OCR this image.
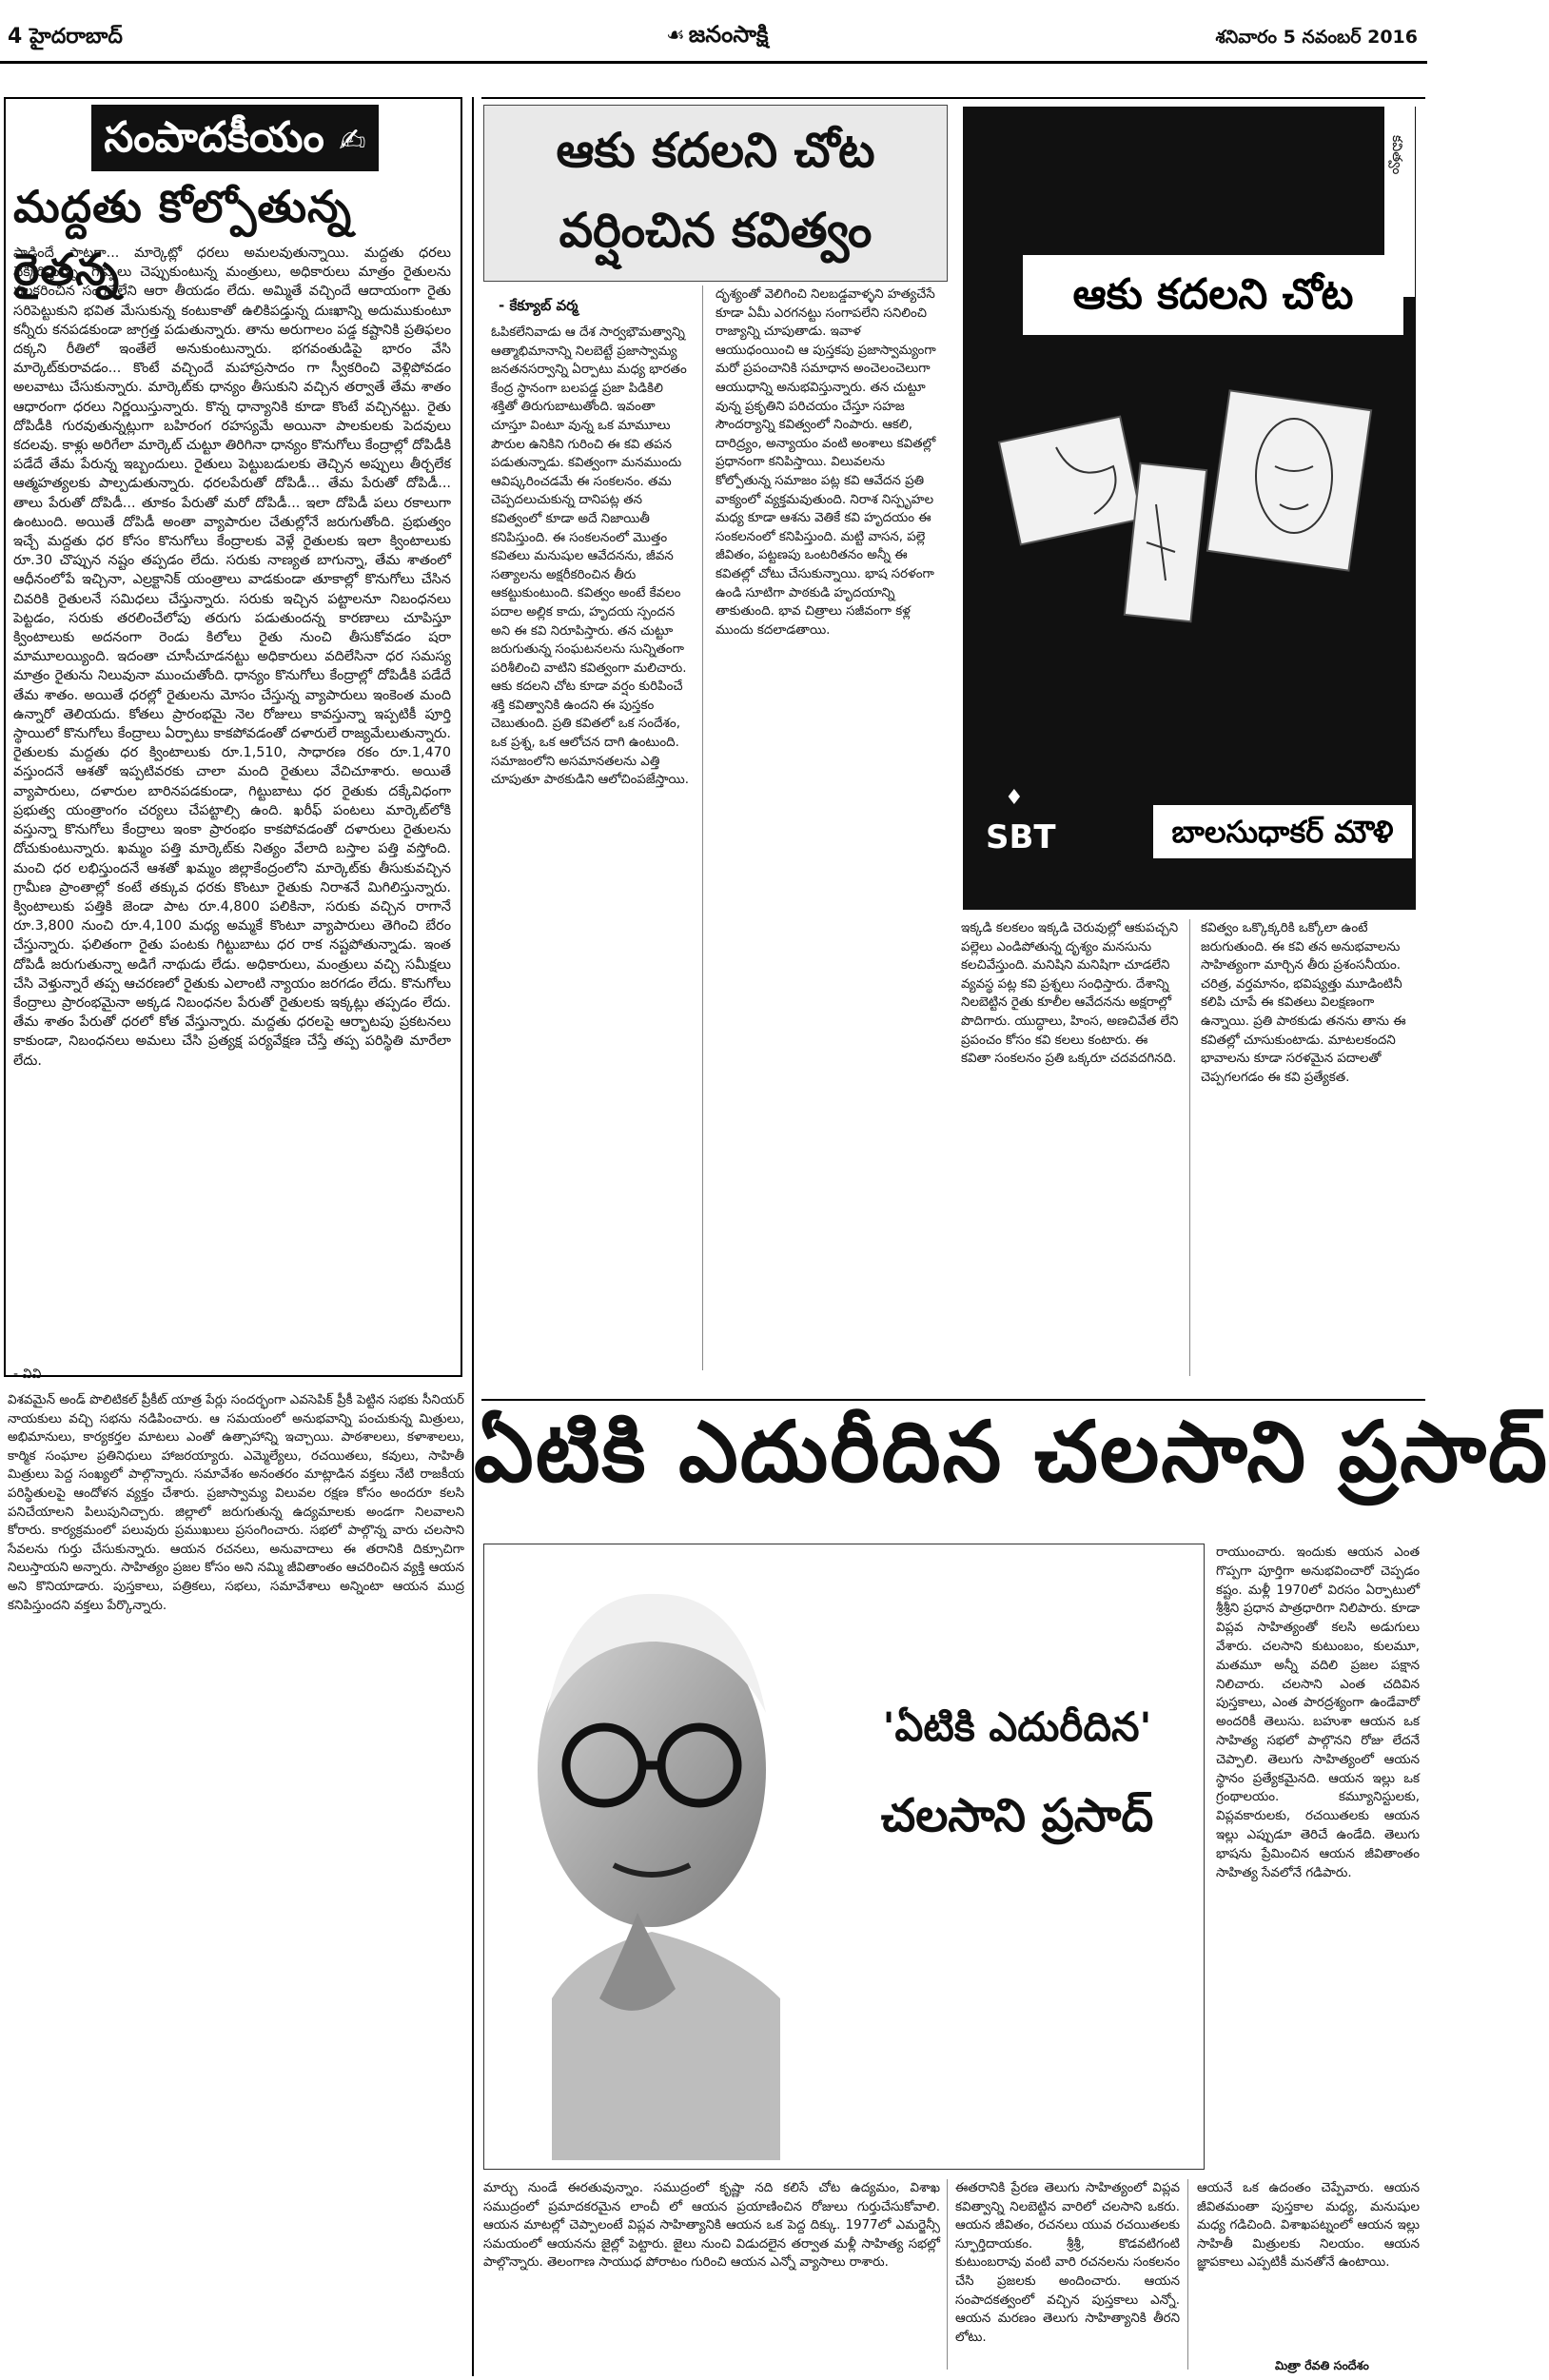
4 హైదరాబాద్	☙ జనంసాక్షి	శనివారం 5 నవంబర్ 2016
సంపాదకీయం ✍
మద్దతు కోల్పోతున్న రైతన్న
పాడిందే పాటగా... మార్కెట్లో ధరలు అమలవుతున్నాయి. మద్దతు ధరలు వెక్కిరిస్తున్నా, గొప్పలు చెప్పుకుంటున్న మంత్రులు, అధికారులు మాత్రం రైతులను పలకరించిన సంగతేలేని ఆరా తీయడం లేదు. అమ్మితే వచ్చిందే ఆదాయంగా రైతు సరిపెట్టుకుని భవిత మేసుకున్న కంటుకాతో ఉలికిపడ్తున్న దుఃఖాన్ని అదుముకుంటూ కన్నీరు కనపడకుండా జాగ్రత్త పడుతున్నారు. తాను అరుగాలం పడ్డ కష్టానికి ప్రతిఫలం దక్కని రీతిలో ఇంతేలే అనుకుంటున్నారు. భగవంతుడిపై భారం వేసి మార్కెట్‌కురావడం... కొంటే వచ్చిందే మహాప్రసాదం గా స్వీకరించి వెళ్లిపోవడం అలవాటు చేసుకున్నారు. మార్కెట్‌కు ధాన్యం తీసుకుని వచ్చిన తర్వాతే తేమ శాతం ఆధారంగా ధరలు నిర్ణయిస్తున్నారు. కొన్న ధాన్యానికి కూడా కొంటే వచ్చినట్టు. రైతు దోపిడీకి గురవుతున్నట్లుగా బహిరంగ రహస్యమే అయినా పాలకులకు పెదవులు కదలవు. కాళ్లు అరిగేలా మార్కెట్ చుట్టూ తిరిగినా ధాన్యం కొనుగోలు కేంద్రాల్లో దోపిడీకి పడేదే తేమ పేరున్న ఇబ్బందులు. రైతులు పెట్టుబడులకు తెచ్చిన అప్పులు తీర్చలేక ఆత్మహత్యలకు పాల్పడుతున్నారు. ధరలపేరుతో దోపిడీ... తేమ పేరుతో దోపిడీ... తాలు పేరుతో దోపిడీ... తూకం పేరుతో మరో దోపిడీ... ఇలా దోపిడీ పలు రకాలుగా ఉంటుంది. అయితే దోపిడీ అంతా వ్యాపారుల చేతుల్లోనే జరుగుతోంది. ప్రభుత్వం ఇచ్చే మద్దతు ధర కోసం కొనుగోలు కేంద్రాలకు వెళ్లే రైతులకు ఇలా క్వింటాలుకు రూ.30 చొప్పున నష్టం తప్పడం లేదు. సరుకు నాణ్యత బాగున్నా, తేమ శాతంలో ఆధీనంలోపే ఇచ్చినా, ఎల్రక్టానిక్ యంత్రాలు వాడకుండా తూకాల్లో కొనుగోలు చేసిన చివరికి రైతులనే సమిధలు చేస్తున్నారు. సరుకు ఇచ్చిన పట్టాలనూ నిబంధనలు పెట్టడం, సరుకు తరలించేలోపు తరుగు పడుతుందన్న కారణాలు చూపిస్తూ క్వింటాలుకు అదనంగా రెండు కిలోలు రైతు నుంచి తీసుకోవడం షరా మామూలయ్యింది. ఇదంతా చూసీచూడనట్టు అధికారులు వదిలేసినా ధర సమస్య మాత్రం రైతును నిలువునా ముంచుతోంది. ధాన్యం కొనుగోలు కేంద్రాల్లో దోపిడీకి పడేదే తేమ శాతం. అయితే ధరల్లో రైతులను మోసం చేస్తున్న వ్యాపారులు ఇంకెంత మంది ఉన్నారో తెలియదు. కోతలు ప్రారంభమై నెల రోజులు కావస్తున్నా ఇప్పటికీ పూర్తి స్థాయిలో కొనుగోలు కేంద్రాలు ఏర్పాటు కాకపోవడంతో దళారులే రాజ్యమేలుతున్నారు. రైతులకు మద్దతు ధర క్వింటాలుకు రూ.1,510, సాధారణ రకం రూ.1,470 వస్తుందనే ఆశతో ఇప్పటివరకు చాలా మంది రైతులు వేచిచూశారు. అయితే వ్యాపారులు, దళారుల బారినపడకుండా, గిట్టుబాటు ధర రైతుకు దక్కేవిధంగా ప్రభుత్వ యంత్రాంగం చర్యలు చేపట్టాల్సి ఉంది. ఖరీఫ్ పంటలు మార్కెట్‌లోకి వస్తున్నా కొనుగోలు కేంద్రాలు ఇంకా ప్రారంభం కాకపోవడంతో దళారులు రైతులను దోచుకుంటున్నారు. ఖమ్మం పత్తి మార్కెట్‌కు నిత్యం వేలాది బస్తాల పత్తి వస్తోంది. మంచి ధర లభిస్తుందనే ఆశతో ఖమ్మం జిల్లాకేంద్రంలోని మార్కెట్‌కు తీసుకువచ్చిన గ్రామీణ ప్రాంతాల్లో కంటే తక్కువ ధరకు కొంటూ రైతుకు నిరాశనే మిగిలిస్తున్నారు. క్వింటాలుకు పత్తికి జెండా పాట రూ.4,800 పలికినా, సరుకు వచ్చిన రాగానే రూ.3,800 నుంచి రూ.4,100 మధ్య అమ్మకే కొంటూ వ్యాపారులు తెగించి బేరం చేస్తున్నారు. ఫలితంగా రైతు పంటకు గిట్టుబాటు ధర రాక నష్టపోతున్నాడు. ఇంత దోపిడీ జరుగుతున్నా అడిగే నాథుడు లేడు. అధికారులు, మంత్రులు వచ్చి సమీక్షలు చేసి వెళ్తున్నారే తప్ప ఆచరణలో రైతుకు ఎలాంటి న్యాయం జరగడం లేదు. కొనుగోలు కేంద్రాలు ప్రారంభమైనా అక్కడ నిబంధనల పేరుతో రైతులకు ఇక్కట్లు తప్పడం లేదు. తేమ శాతం పేరుతో ధరలో కోత వేస్తున్నారు. మద్దతు ధరలపై ఆర్భాటపు ప్రకటనలు కాకుండా, నిబంధనలు అమలు చేసి ప్రత్యక్ష పర్యవేక్షణ చేస్తే తప్ప పరిస్థితి మారేలా లేదు.
- వివి
విశవమైన్ అండ్ పొలిటికల్ ప్రీకీట్ యాత్ర పేర్లు సందర్భంగా ఎవసెపిక్ ప్రీకీ పెట్టిన సభకు సీనియర్ నాయకులు వచ్చి సభను నడిపించారు. ఆ సమయంలో అనుభవాన్ని పంచుకున్న మిత్రులు, అభిమానులు, కార్యకర్తల మాటలు ఎంతో ఉత్సాహాన్ని ఇచ్చాయి. పాఠశాలలు, కళాశాలలు, కార్మిక సంఘాల ప్రతినిధులు హాజరయ్యారు. ఎమ్మెల్యేలు, రచయితలు, కవులు, సాహితీ మిత్రులు పెద్ద సంఖ్యలో పాల్గొన్నారు. సమావేశం అనంతరం మాట్లాడిన వక్తలు నేటి రాజకీయ పరిస్థితులపై ఆందోళన వ్యక్తం చేశారు. ప్రజాస్వామ్య విలువల రక్షణ కోసం అందరూ కలసి పనిచేయాలని పిలుపునిచ్చారు. జిల్లాలో జరుగుతున్న ఉద్యమాలకు అండగా నిలవాలని కోరారు. కార్యక్రమంలో పలువురు ప్రముఖులు ప్రసంగించారు. సభలో పాల్గొన్న వారు చలసాని సేవలను గుర్తు చేసుకున్నారు. ఆయన రచనలు, అనువాదాలు ఈ తరానికి దిక్సూచిగా నిలుస్తాయని అన్నారు. సాహిత్యం ప్రజల కోసం అని నమ్మి జీవితాంతం ఆచరించిన వ్యక్తి ఆయన అని కొనియాడారు. పుస్తకాలు, పత్రికలు, సభలు, సమావేశాలు అన్నింటా ఆయన ముద్ర కనిపిస్తుందని వక్తలు పేర్కొన్నారు.
ఆకు కదలని చోట
వర్షించిన కవిత్వం
- కేక్యూబ్ వర్మ
ఓపికలేనివాడు ఆ దేశ సార్వభౌమత్వాన్ని ఆత్మాభిమానాన్ని నిలబెట్టే ప్రజాస్వామ్య జనతనసర్వాన్ని ఏర్పాటు మధ్య భారతం కేంద్ర స్థానంగా బలపడ్డ ప్రజా పిడికిలి శక్తితో తిరుగుబాటుతోంది. ఇవంతా చూస్తూ వింటూ వున్న ఒక మామూలు పౌరుల ఉనికిని గురించి ఈ కవి తపన పడుతున్నాడు. కవిత్వంగా మనముందు ఆవిష్కరించడమే ఈ సంకలనం. తమ చెప్పదలుచుకున్న దానిపట్ల తన కవిత్వంలో కూడా అదే నిజాయితీ కనిపిస్తుంది. ఈ సంకలనంలో మొత్తం కవితలు మనుషుల ఆవేదనను, జీవన సత్యాలను అక్షరీకరించిన తీరు ఆకట్టుకుంటుంది. కవిత్వం అంటే కేవలం పదాల అల్లిక కాదు, హృదయ స్పందన అని ఈ కవి నిరూపిస్తారు. తన చుట్టూ జరుగుతున్న సంఘటనలను సున్నితంగా పరిశీలించి వాటిని కవిత్వంగా మలిచారు. ఆకు కదలని చోట కూడా వర్షం కురిపించే శక్తి కవిత్వానికి ఉందని ఈ పుస్తకం చెబుతుంది. ప్రతి కవితలో ఒక సందేశం, ఒక ప్రశ్న, ఒక ఆలోచన దాగి ఉంటుంది. సమాజంలోని అసమానతలను ఎత్తి చూపుతూ పాఠకుడిని ఆలోచింపజేస్తాయి.
దృశ్యంతో వెలిగించి నిలబడ్డవాళ్ళని హత్యచేసే కూడా ఏమీ ఎరగనట్టు సంగాపలేని సనిలించి రాజ్యాన్ని చూపుతాడు. ఇవాళ ఆయుధంయించి ఆ పుస్తకపు ప్రజాస్వామ్యంగా మరో ప్రపంచానికి సమాధాన అంచెలంచెలుగా ఆయుధాన్ని అనుభవిస్తున్నారు. తన చుట్టూ వున్న ప్రకృతిని పరిచయం చేస్తూ సహజ సౌందర్యాన్ని కవిత్వంలో నింపారు. ఆకలి, దారిద్ర్యం, అన్యాయం వంటి అంశాలు కవితల్లో ప్రధానంగా కనిపిస్తాయి. విలువలను కోల్పోతున్న సమాజం పట్ల కవి ఆవేదన ప్రతి వాక్యంలో వ్యక్తమవుతుంది. నిరాశ నిస్పృహల మధ్య కూడా ఆశను వెతికే కవి హృదయం ఈ సంకలనంలో కనిపిస్తుంది. మట్టి వాసన, పల్లె జీవితం, పట్టణపు ఒంటరితనం అన్నీ ఈ కవితల్లో చోటు చేసుకున్నాయి. భాష సరళంగా ఉండి సూటిగా పాఠకుడి హృదయాన్ని తాకుతుంది. భావ చిత్రాలు సజీవంగా కళ్ల ముందు కదలాడతాయి.
కవిత్వం
ఆకు కదలని చోట
♦
SBT	బాలసుధాకర్ మౌళి
ఇక్కడి కలకలం ఇక్కడి చెరువుల్లో ఆకుపచ్చని పల్లెలు ఎండిపోతున్న దృశ్యం మనసును కలచివేస్తుంది. మనిషిని మనిషిగా చూడలేని వ్యవస్థ పట్ల కవి ప్రశ్నలు సంధిస్తారు. దేశాన్ని నిలబెట్టిన రైతు కూలీల ఆవేదనను అక్షరాల్లో పొదిగారు. యుద్ధాలు, హింస, అణచివేత లేని ప్రపంచం కోసం కవి కలలు కంటారు. ఈ కవితా సంకలనం ప్రతి ఒక్కరూ చదవదగినది.
కవిత్వం ఒక్కొక్కరికి ఒక్కోలా ఉంటే జరుగుతుంది. ఈ కవి తన అనుభవాలను సాహిత్యంగా మార్చిన తీరు ప్రశంసనీయం. చరిత్ర, వర్తమానం, భవిష్యత్తు మూడింటినీ కలిపి చూపే ఈ కవితలు విలక్షణంగా ఉన్నాయి. ప్రతి పాఠకుడు తనను తాను ఈ కవితల్లో చూసుకుంటాడు. మాటలకందని భావాలను కూడా సరళమైన పదాలతో చెప్పగలగడం ఈ కవి ప్రత్యేకత.
ఏటికి ఎదురీదిన చలసాని ప్రసాద్
'ఏటికి ఎదురీదిన'
చలసాని ప్రసాద్
రాయుంచారు. ఇందుకు ఆయన ఎంత గొప్పగా పూర్తిగా అనుభవించారో చెప్పడం కష్టం. మళ్లీ 1970లో విరసం ఏర్పాటులో శ్రీశ్రీని ప్రధాన పాత్రధారిగా నిలిపారు. కూడా విప్లవ సాహిత్యంతో కలసి అడుగులు వేశారు. చలసాని కుటుంబం, కులమూ, మతమూ అన్నీ వదిలి ప్రజల పక్షాన నిలిచారు. చలసాని ఎంత చదివిన పుస్తకాలు, ఎంత పారద్రశ్యంగా ఉండేవారో అందరికీ తెలుసు. బహుశా ఆయన ఒక సాహిత్య సభలో పాల్గొనని రోజు లేదనే చెప్పాలి. తెలుగు సాహిత్యంలో ఆయన స్థానం ప్రత్యేకమైనది. ఆయన ఇల్లు ఒక గ్రంథాలయం. కమ్యూనిస్టులకు, విప్లవకారులకు, రచయితలకు ఆయన ఇల్లు ఎప్పుడూ తెరిచే ఉండేది. తెలుగు భాషను ప్రేమించిన ఆయన జీవితాంతం సాహిత్య సేవలోనే గడిపారు.
మార్చు నుండే ఈరతువున్నాం. సముద్రంలో కృష్ణా నది కలిసే చోట ఉద్యమం, విశాఖ సముద్రంలో ప్రమాదకరమైన లాంచీ లో ఆయన ప్రయాణించిన రోజులు గుర్తుచేసుకోవాలి. ఆయన మాటల్లో చెప్పాలంటే విప్లవ సాహిత్యానికి ఆయన ఒక పెద్ద దిక్కు. 1977లో ఎమర్జెన్సీ సమయంలో ఆయనను జైల్లో పెట్టారు. జైలు నుంచి విడుదలైన తర్వాత మళ్లీ సాహిత్య సభల్లో పాల్గొన్నారు. తెలంగాణ సాయుధ పోరాటం గురించి ఆయన ఎన్నో వ్యాసాలు రాశారు.
ఈతరానికి ప్రేరణ తెలుగు సాహిత్యంలో విప్లవ కవిత్వాన్ని నిలబెట్టిన వారిలో చలసాని ఒకరు. ఆయన జీవితం, రచనలు యువ రచయితలకు స్ఫూర్తిదాయకం. శ్రీశ్రీ, కొడవటిగంటి కుటుంబరావు వంటి వారి రచనలను సంకలనం చేసి ప్రజలకు అందించారు. ఆయన సంపాదకత్వంలో వచ్చిన పుస్తకాలు ఎన్నో. ఆయన మరణం తెలుగు సాహిత్యానికి తీరని లోటు.
ఆయనే ఒక ఉదంతం చెప్పేవారు. ఆయన జీవితమంతా పుస్తకాల మధ్య, మనుషుల మధ్య గడిచింది. విశాఖపట్నంలో ఆయన ఇల్లు సాహితీ మిత్రులకు నిలయం. ఆయన జ్ఞాపకాలు ఎప్పటికీ మనతోనే ఉంటాయి.
మిత్రా రేవతి సందేశం
